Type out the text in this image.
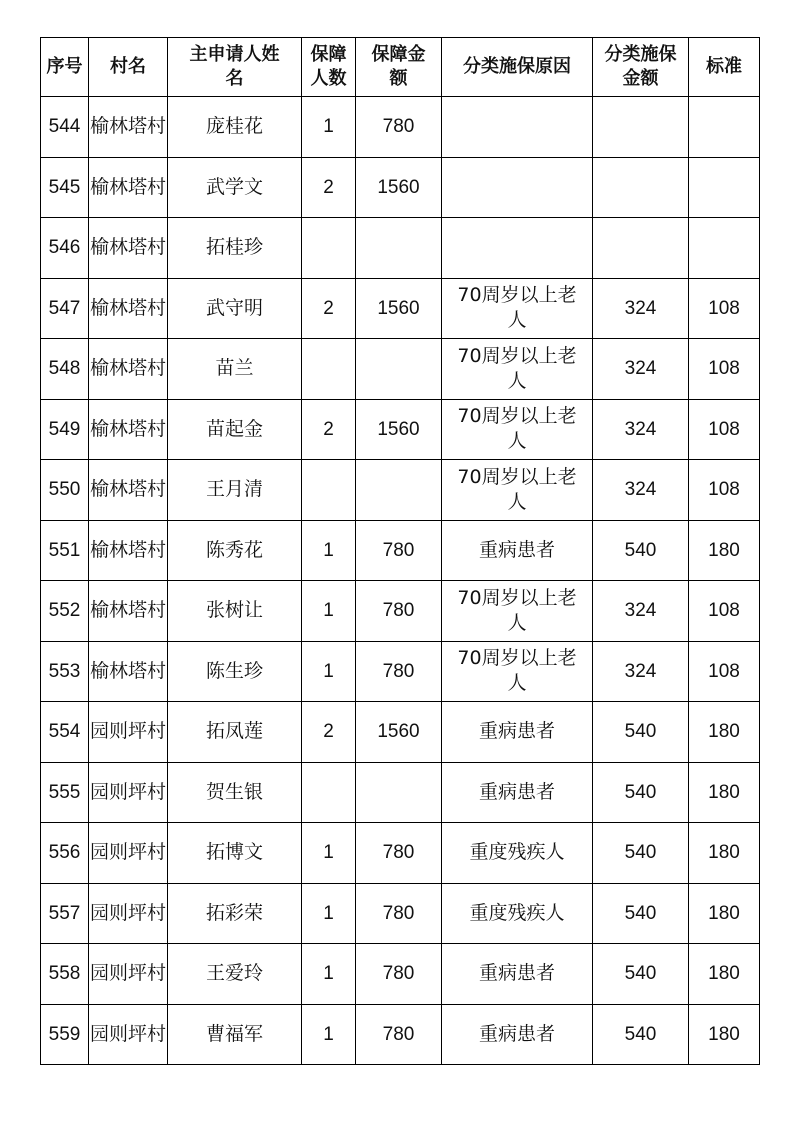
序号	村名	主申请人姓名	保障人数	保障金额	分类施保原因	分类施保金额	标准
544	榆林塔村	庞桂花	1	780			
545	榆林塔村	武学文	2	1560			
546	榆林塔村	拓桂珍					
547	榆林塔村	武守明	2	1560	70周岁以上老人	324	108
548	榆林塔村	苗兰			70周岁以上老人	324	108
549	榆林塔村	苗起金	2	1560	70周岁以上老人	324	108
550	榆林塔村	王月清			70周岁以上老人	324	108
551	榆林塔村	陈秀花	1	780	重病患者	540	180
552	榆林塔村	张树让	1	780	70周岁以上老人	324	108
553	榆林塔村	陈生珍	1	780	70周岁以上老人	324	108
554	园则坪村	拓凤莲	2	1560	重病患者	540	180
555	园则坪村	贺生银			重病患者	540	180
556	园则坪村	拓博文	1	780	重度残疾人	540	180
557	园则坪村	拓彩荣	1	780	重度残疾人	540	180
558	园则坪村	王爱玲	1	780	重病患者	540	180
559	园则坪村	曹福军	1	780	重病患者	540	180
